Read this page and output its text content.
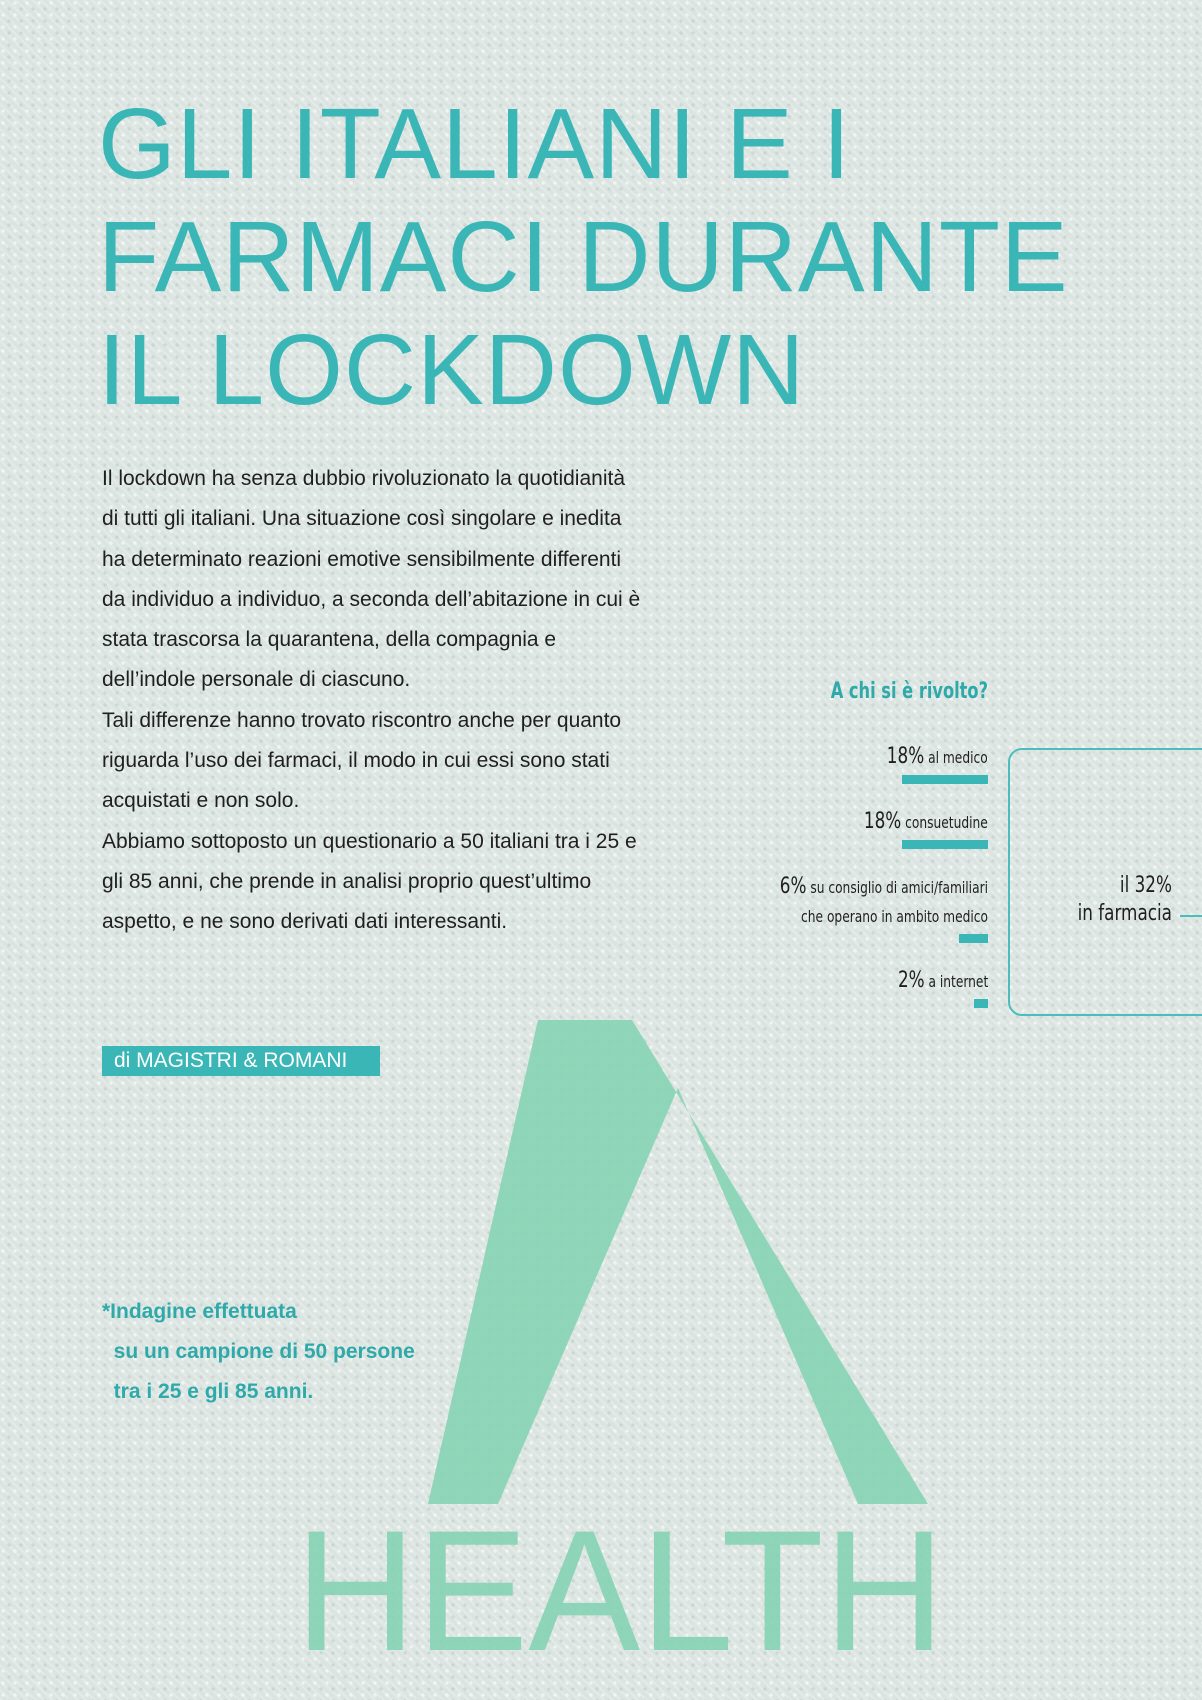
GLI ITALIANI E I
FARMACI DURANTE
IL LOCKDOWN

Il lockdown ha senza dubbio rivoluzionato la quotidianità di tutti gli italiani. Una situazione così singolare e inedita ha determinato reazioni emotive sensibilmente differenti da individuo a individuo, a seconda dell’abitazione in cui è stata trascorsa la quarantena, della compagnia e dell’indole personale di ciascuno.

Tali differenze hanno trovato riscontro anche per quanto riguarda l’uso dei farmaci, il modo in cui essi sono stati acquistati e non solo.

Abbiamo sottoposto un questionario a 50 italiani tra i 25 e gli 85 anni, che prende in analisi proprio quest’ultimo aspetto, e ne sono derivati dati interessanti.

di MAGISTRI & ROMANI
*Indagine effettuata
su un campione di 50 persone
tra i 25 e gli 85 anni.
A chi si è rivolto?
18% al medico
18% consuetudine
6% su consiglio di amici/familiari
che operano in ambito medico
2% a internet
il 32%
in farmacia
HEALTH
